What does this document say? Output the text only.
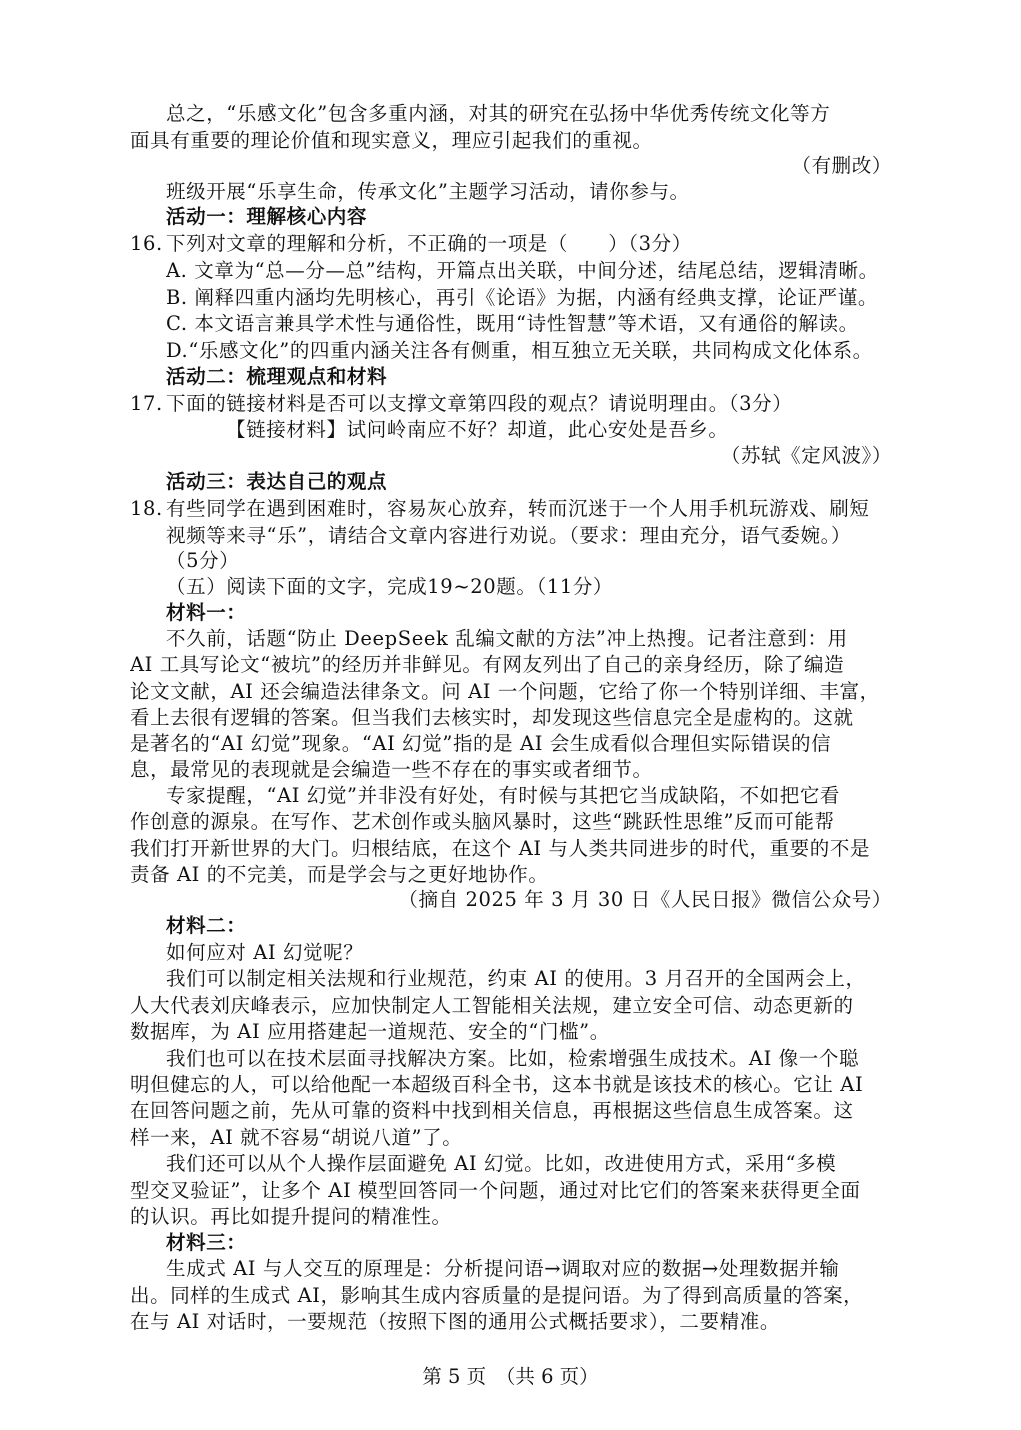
总之，“乐感文化”包含多重内涵，对其的研究在弘扬中华优秀传统文化等方
面具有重要的理论价值和现实意义，理应引起我们的重视。
（有删改）
班级开展“乐享生命，传承文化”主题学习活动，请你参与。
活动一：理解核心内容
16. 下列对文章的理解和分析，不正确的一项是（　　）（3分）
A. 文章为“总—分—总”结构，开篇点出关联，中间分述，结尾总结，逻辑清晰。
B. 阐释四重内涵均先明核心，再引《论语》为据，内涵有经典支撑，论证严谨。
C. 本文语言兼具学术性与通俗性，既用“诗性智慧”等术语，又有通俗的解读。
D.“乐感文化”的四重内涵关注各有侧重，相互独立无关联，共同构成文化体系。
活动二：梳理观点和材料
17. 下面的链接材料是否可以支撑文章第四段的观点？请说明理由。（3分）
【链接材料】试问岭南应不好？却道，此心安处是吾乡。
（苏轼《定风波》）
活动三：表达自己的观点
18. 有些同学在遇到困难时，容易灰心放弃，转而沉迷于一个人用手机玩游戏、刷短
视频等来寻“乐”，请结合文章内容进行劝说。（要求：理由充分，语气委婉。）
（5分）
（五）阅读下面的文字，完成19~20题。（11分）
材料一：
不久前，话题“防止 DeepSeek 乱编文献的方法”冲上热搜。记者注意到：用
AI 工具写论文“被坑”的经历并非鲜见。有网友列出了自己的亲身经历，除了编造
论文文献，AI 还会编造法律条文。问 AI 一个问题，它给了你一个特别详细、丰富，
看上去很有逻辑的答案。但当我们去核实时，却发现这些信息完全是虚构的。这就
是著名的“AI 幻觉”现象。“AI 幻觉”指的是 AI 会生成看似合理但实际错误的信
息，最常见的表现就是会编造一些不存在的事实或者细节。
专家提醒，“AI 幻觉”并非没有好处，有时候与其把它当成缺陷，不如把它看
作创意的源泉。在写作、艺术创作或头脑风暴时，这些“跳跃性思维”反而可能帮
我们打开新世界的大门。归根结底，在这个 AI 与人类共同进步的时代，重要的不是
责备 AI 的不完美，而是学会与之更好地协作。
（摘自 2025 年 3 月 30 日《人民日报》微信公众号）
材料二：
如何应对 AI 幻觉呢？
我们可以制定相关法规和行业规范，约束 AI 的使用。3 月召开的全国两会上，
人大代表刘庆峰表示，应加快制定人工智能相关法规，建立安全可信、动态更新的
数据库，为 AI 应用搭建起一道规范、安全的“门槛”。
我们也可以在技术层面寻找解决方案。比如，检索增强生成技术。AI 像一个聪
明但健忘的人，可以给他配一本超级百科全书，这本书就是该技术的核心。它让 AI
在回答问题之前，先从可靠的资料中找到相关信息，再根据这些信息生成答案。这
样一来，AI 就不容易“胡说八道”了。
我们还可以从个人操作层面避免 AI 幻觉。比如，改进使用方式，采用“多模
型交叉验证”，让多个 AI 模型回答同一个问题，通过对比它们的答案来获得更全面
的认识。再比如提升提问的精准性。
材料三：
生成式 AI 与人交互的原理是：分析提问语→调取对应的数据→处理数据并输
出。同样的生成式 AI，影响其生成内容质量的是提问语。为了得到高质量的答案，
在与 AI 对话时，一要规范（按照下图的通用公式概括要求），二要精准。
第 5 页　（共 6 页）
